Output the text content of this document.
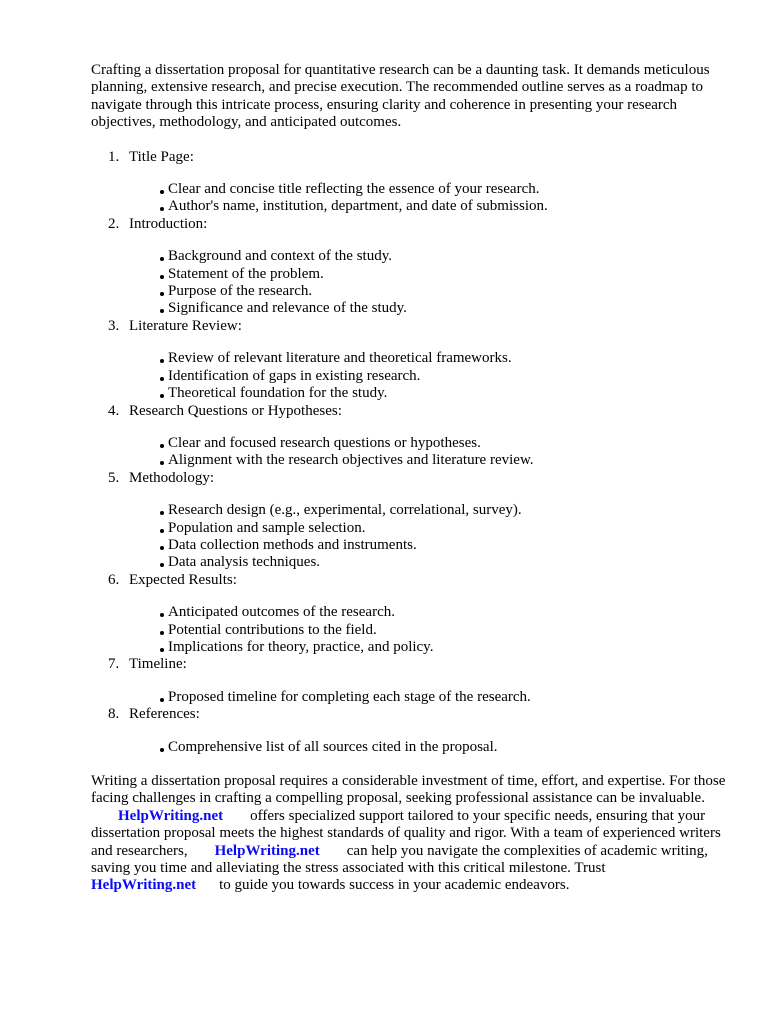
Crafting a dissertation proposal for quantitative research can be a daunting task. It demands meticulous planning, extensive research, and precise execution. The recommended outline serves as a roadmap to navigate through this intricate process, ensuring clarity and coherence in presenting your research objectives, methodology, and anticipated outcomes.

1. Title Page:
Clear and concise title reflecting the essence of your research.
Author's name, institution, department, and date of submission.
2. Introduction:
Background and context of the study.
Statement of the problem.
Purpose of the research.
Significance and relevance of the study.
3. Literature Review:
Review of relevant literature and theoretical frameworks.
Identification of gaps in existing research.
Theoretical foundation for the study.
4. Research Questions or Hypotheses:
Clear and focused research questions or hypotheses.
Alignment with the research objectives and literature review.
5. Methodology:
Research design (e.g., experimental, correlational, survey).
Population and sample selection.
Data collection methods and instruments.
Data analysis techniques.
6. Expected Results:
Anticipated outcomes of the research.
Potential contributions to the field.
Implications for theory, practice, and policy.
7. Timeline:
Proposed timeline for completing each stage of the research.
8. References:
Comprehensive list of all sources cited in the proposal.

Writing a dissertation proposal requires a considerable investment of time, effort, and expertise. For those facing challenges in crafting a compelling proposal, seeking professional assistance can be invaluable.HelpWriting.net offers specialized support tailored to your specific needs, ensuring that your dissertation proposal meets the highest standards of quality and rigor. With a team of experienced writers and researchers, HelpWriting.net can help you navigate the complexities of academic writing, saving you time and alleviating the stress associated with this critical milestone. TrustHelpWriting.net to guide you towards success in your academic endeavors.
